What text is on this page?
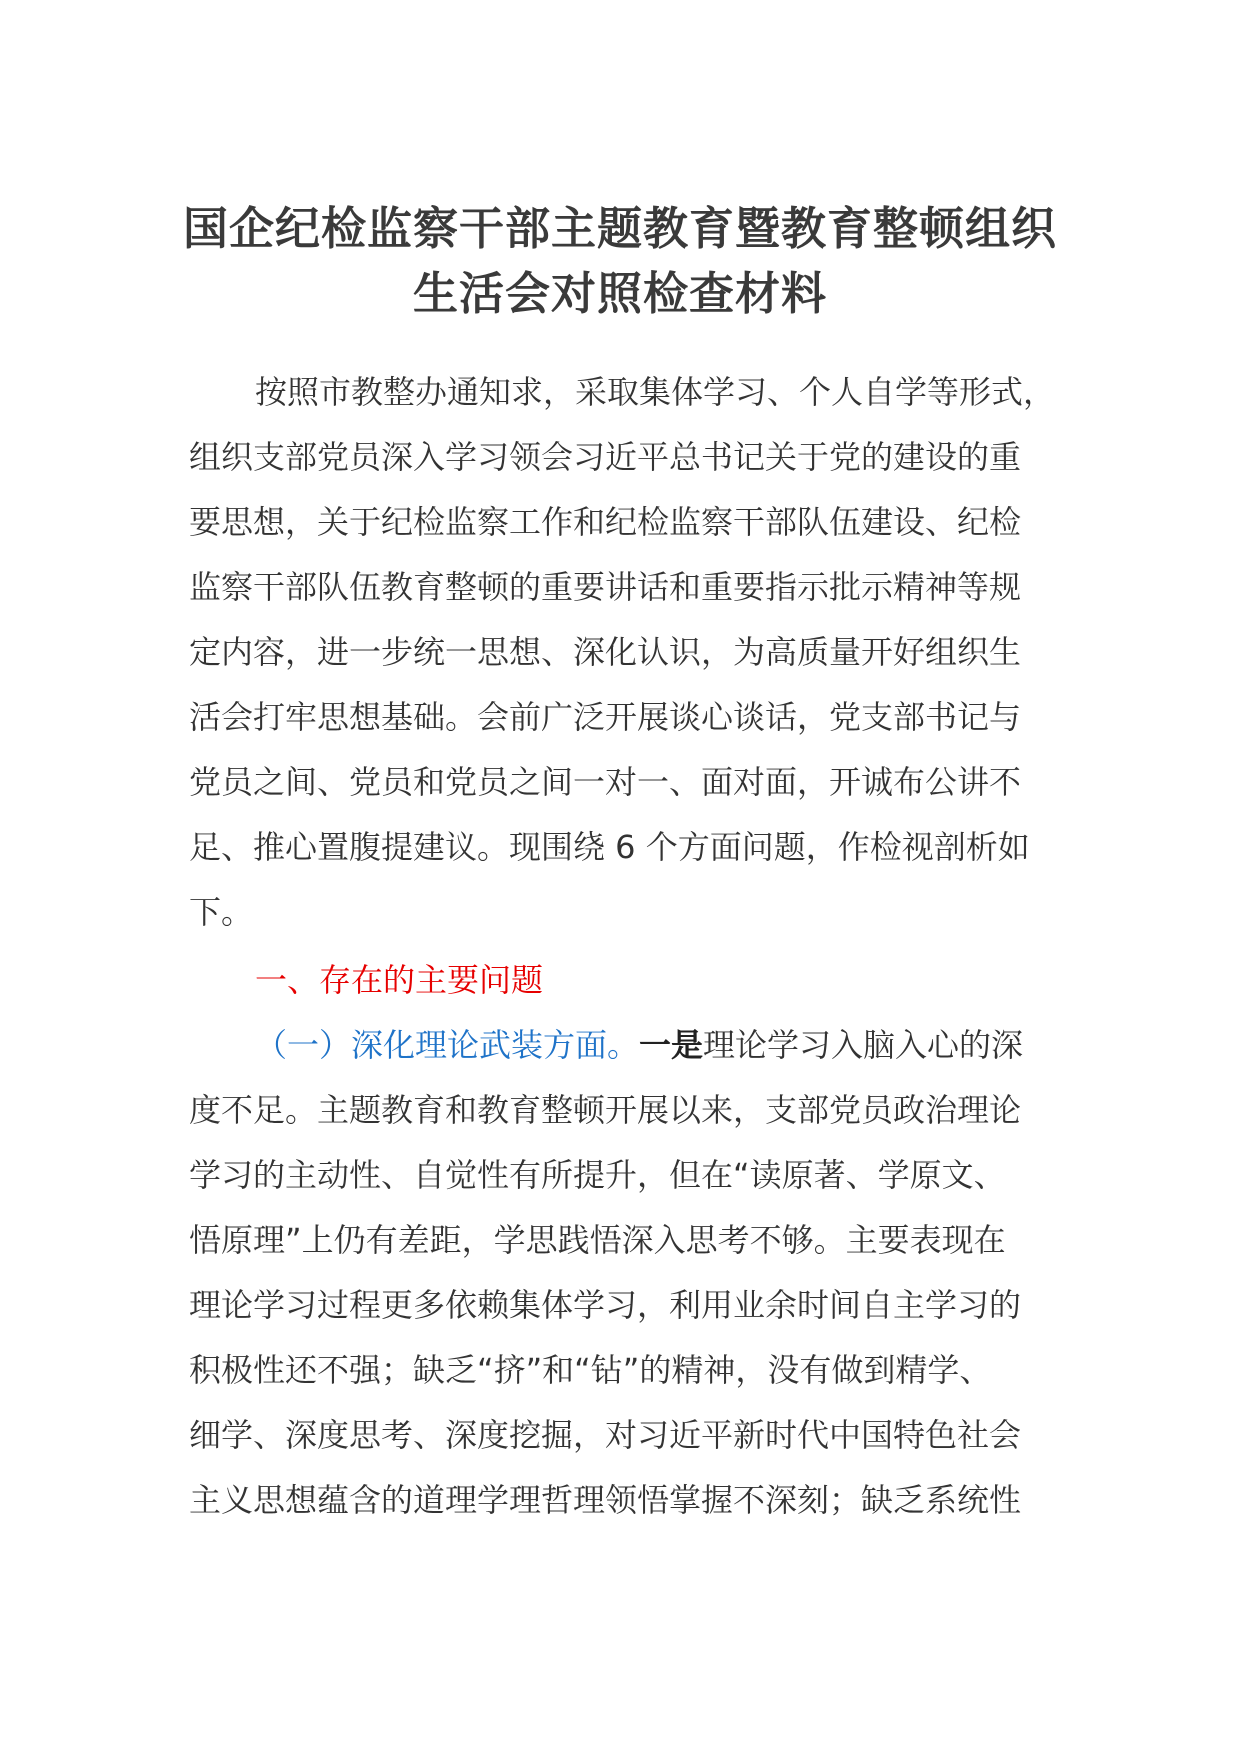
国企纪检监察干部主题教育暨教育整顿组织
生活会对照检查材料
按照市教整办通知求，采取集体学习、个人自学等形式，
组织支部党员深入学习领会习近平总书记关于党的建设的重
要思想，关于纪检监察工作和纪检监察干部队伍建设、纪检
监察干部队伍教育整顿的重要讲话和重要指示批示精神等规
定内容，进一步统一思想、深化认识，为高质量开好组织生
活会打牢思想基础。会前广泛开展谈心谈话，党支部书记与
党员之间、党员和党员之间一对一、面对面，开诚布公讲不
足、推心置腹提建议。现围绕 6 个方面问题，作检视剖析如
下。
一、存在的主要问题
（一）深化理论武装方面。一是理论学习入脑入心的深
度不足。主题教育和教育整顿开展以来，支部党员政治理论
学习的主动性、自觉性有所提升，但在“读原著、学原文、
悟原理”上仍有差距，学思践悟深入思考不够。主要表现在
理论学习过程更多依赖集体学习，利用业余时间自主学习的
积极性还不强；缺乏“挤”和“钻”的精神，没有做到精学、
细学、深度思考、深度挖掘，对习近平新时代中国特色社会
主义思想蕴含的道理学理哲理领悟掌握不深刻；缺乏系统性
